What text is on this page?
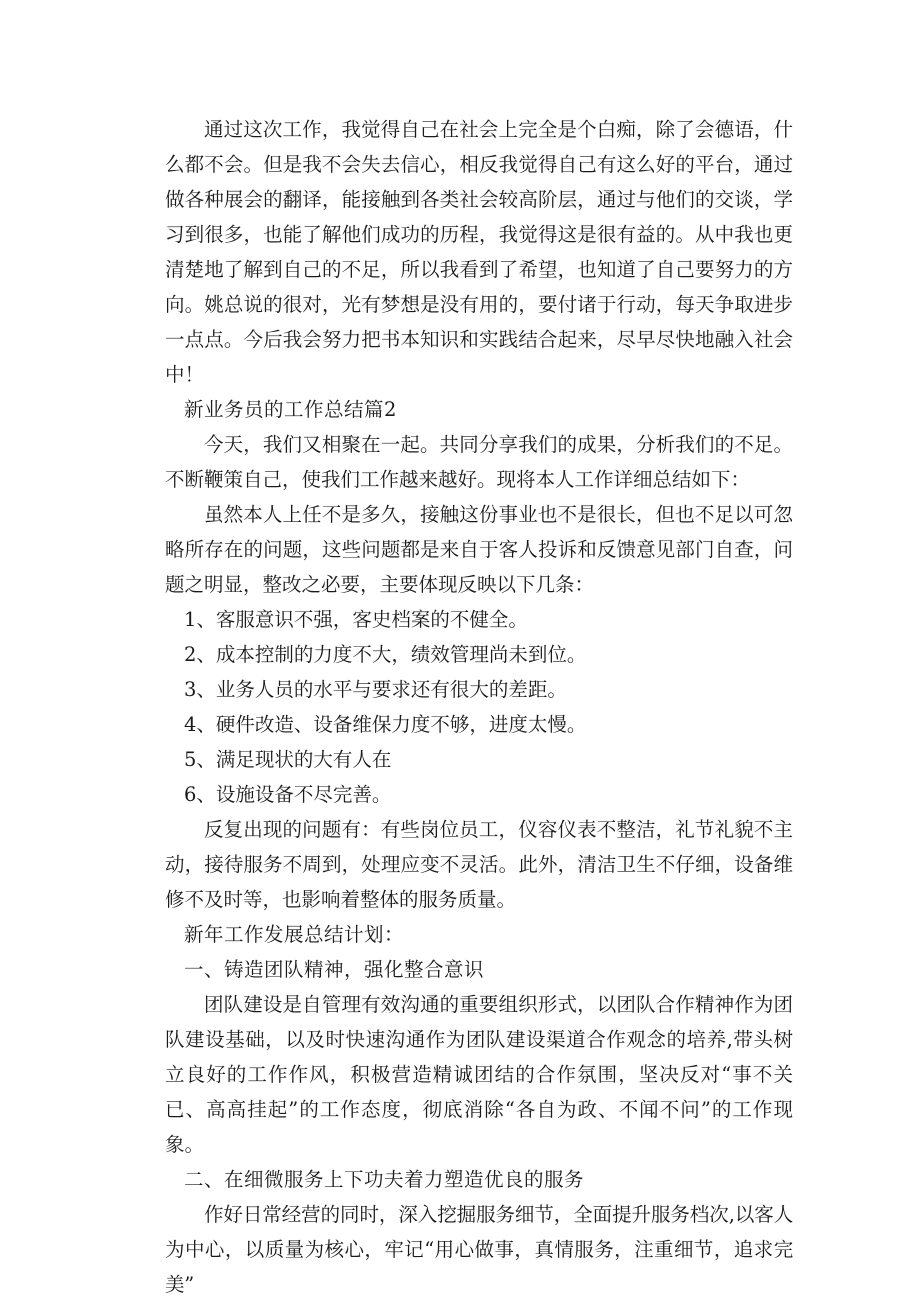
通过这次工作，我觉得自己在社会上完全是个白痴，除了会德语，什么都不会。但是我不会失去信心，相反我觉得自己有这么好的平台，通过做各种展会的翻译，能接触到各类社会较高阶层，通过与他们的交谈，学习到很多，也能了解他们成功的历程，我觉得这是很有益的。从中我也更清楚地了解到自己的不足，所以我看到了希望，也知道了自己要努力的方向。姚总说的很对，光有梦想是没有用的，要付诸于行动，每天争取进步一点点。今后我会努力把书本知识和实践结合起来，尽早尽快地融入社会中！

新业务员的工作总结篇2

今天，我们又相聚在一起。共同分享我们的成果，分析我们的不足。不断鞭策自己，使我们工作越来越好。现将本人工作详细总结如下：

虽然本人上任不是多久，接触这份事业也不是很长，但也不足以可忽略所存在的问题，这些问题都是来自于客人投诉和反馈意见部门自查，问题之明显，整改之必要，主要体现反映以下几条：

1、客服意识不强，客史档案的不健全。

2、成本控制的力度不大，绩效管理尚未到位。

3、业务人员的水平与要求还有很大的差距。

4、硬件改造、设备维保力度不够，进度太慢。

5、满足现状的大有人在

6、设施设备不尽完善。

反复出现的问题有：有些岗位员工，仪容仪表不整洁，礼节礼貌不主动，接待服务不周到，处理应变不灵活。此外，清洁卫生不仔细，设备维修不及时等，也影响着整体的服务质量。

新年工作发展总结计划：

一、铸造团队精神，强化整合意识

团队建设是自管理有效沟通的重要组织形式，以团队合作精神作为团队建设基础，以及时快速沟通作为团队建设渠道合作观念的培养,带头树立良好的工作作风，积极营造精诚团结的合作氛围，坚决反对“事不关已、高高挂起”的工作态度，彻底消除“各自为政、不闻不问”的工作现象。

二、在细微服务上下功夫着力塑造优良的服务

作好日常经营的同时，深入挖掘服务细节，全面提升服务档次,以客人为中心，以质量为核心，牢记“用心做事，真情服务，注重细节，追求完美”
